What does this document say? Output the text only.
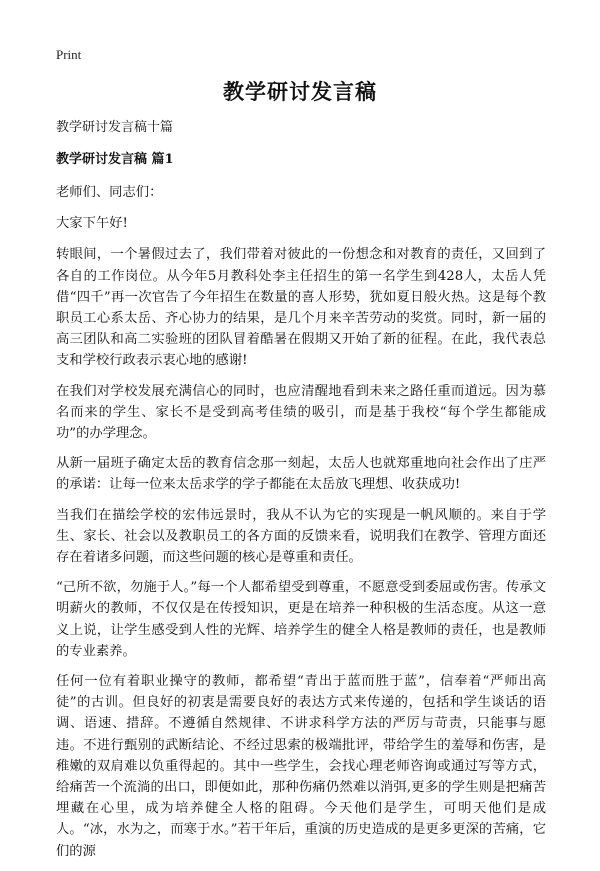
Print
教学研讨发言稿

教学研讨发言稿十篇

教学研讨发言稿 篇1

老师们、同志们：

大家下午好!

转眼间，一个暑假过去了，我们带着对彼此的一份想念和对教育的责任，又回到了各自的工作岗位。从今年5月教科处李主任招生的第一名学生到428人，太岳人凭借“四千”再一次官告了今年招生在数量的喜人形势，犹如夏日般火热。这是每个教职员工心系太岳、齐心协力的结果，是几个月来辛苦劳动的奖赏。同时，新一届的高三团队和高二实验班的团队冒着酷暑在假期又开始了新的征程。在此，我代表总支和学校行政表示衷心地的感谢!

在我们对学校发展充满信心的同时，也应清醒地看到未来之路任重而道远。因为慕名而来的学生、家长不是受到高考佳绩的吸引，而是基于我校“每个学生都能成功”的办学理念。

从新一届班子确定太岳的教育信念那一刻起，太岳人也就郑重地向社会作出了庄严的承诺：让每一位来太岳求学的学子都能在太岳放飞理想、收获成功!

当我们在描绘学校的宏伟远景时，我从不认为它的实现是一帆风顺的。来自于学生、家长、社会以及教职员工的各方面的反馈来看，说明我们在教学、管理方面还存在着诸多问题，而这些问题的核心是尊重和责任。

“己所不欲，勿施于人。”每一个人都希望受到尊重，不愿意受到委屈或伤害。传承文明薪火的教师，不仅仅是在传授知识，更是在培养一种积极的生活态度。从这一意义上说，让学生感受到人性的光辉、培养学生的健全人格是教师的责任，也是教师的专业素养。

任何一位有着职业操守的教师，都希望“青出于蓝而胜于蓝”，信奉着“严师出高徒”的古训。但良好的初衷是需要良好的表达方式来传递的，包括和学生谈话的语调、语速、措辞。不遵循自然规律、不讲求科学方法的严厉与苛责，只能事与愿违。不进行甄别的武断结论、不经过思索的极端批评，带给学生的羞辱和伤害，是稚嫩的双肩难以负重得起的。其中一些学生，会找心理老师咨询或通过写等方式，给痛苦一个流淌的出口，即便如此，那种伤痛仍然难以消弭,更多的学生则是把痛苦埋藏在心里，成为培养健全人格的阻碍。今天他们是学生，可明天他们是成人。“冰，水为之，而寒于水。”若干年后，重演的历史造成的是更多更深的苦痛，它们的源
